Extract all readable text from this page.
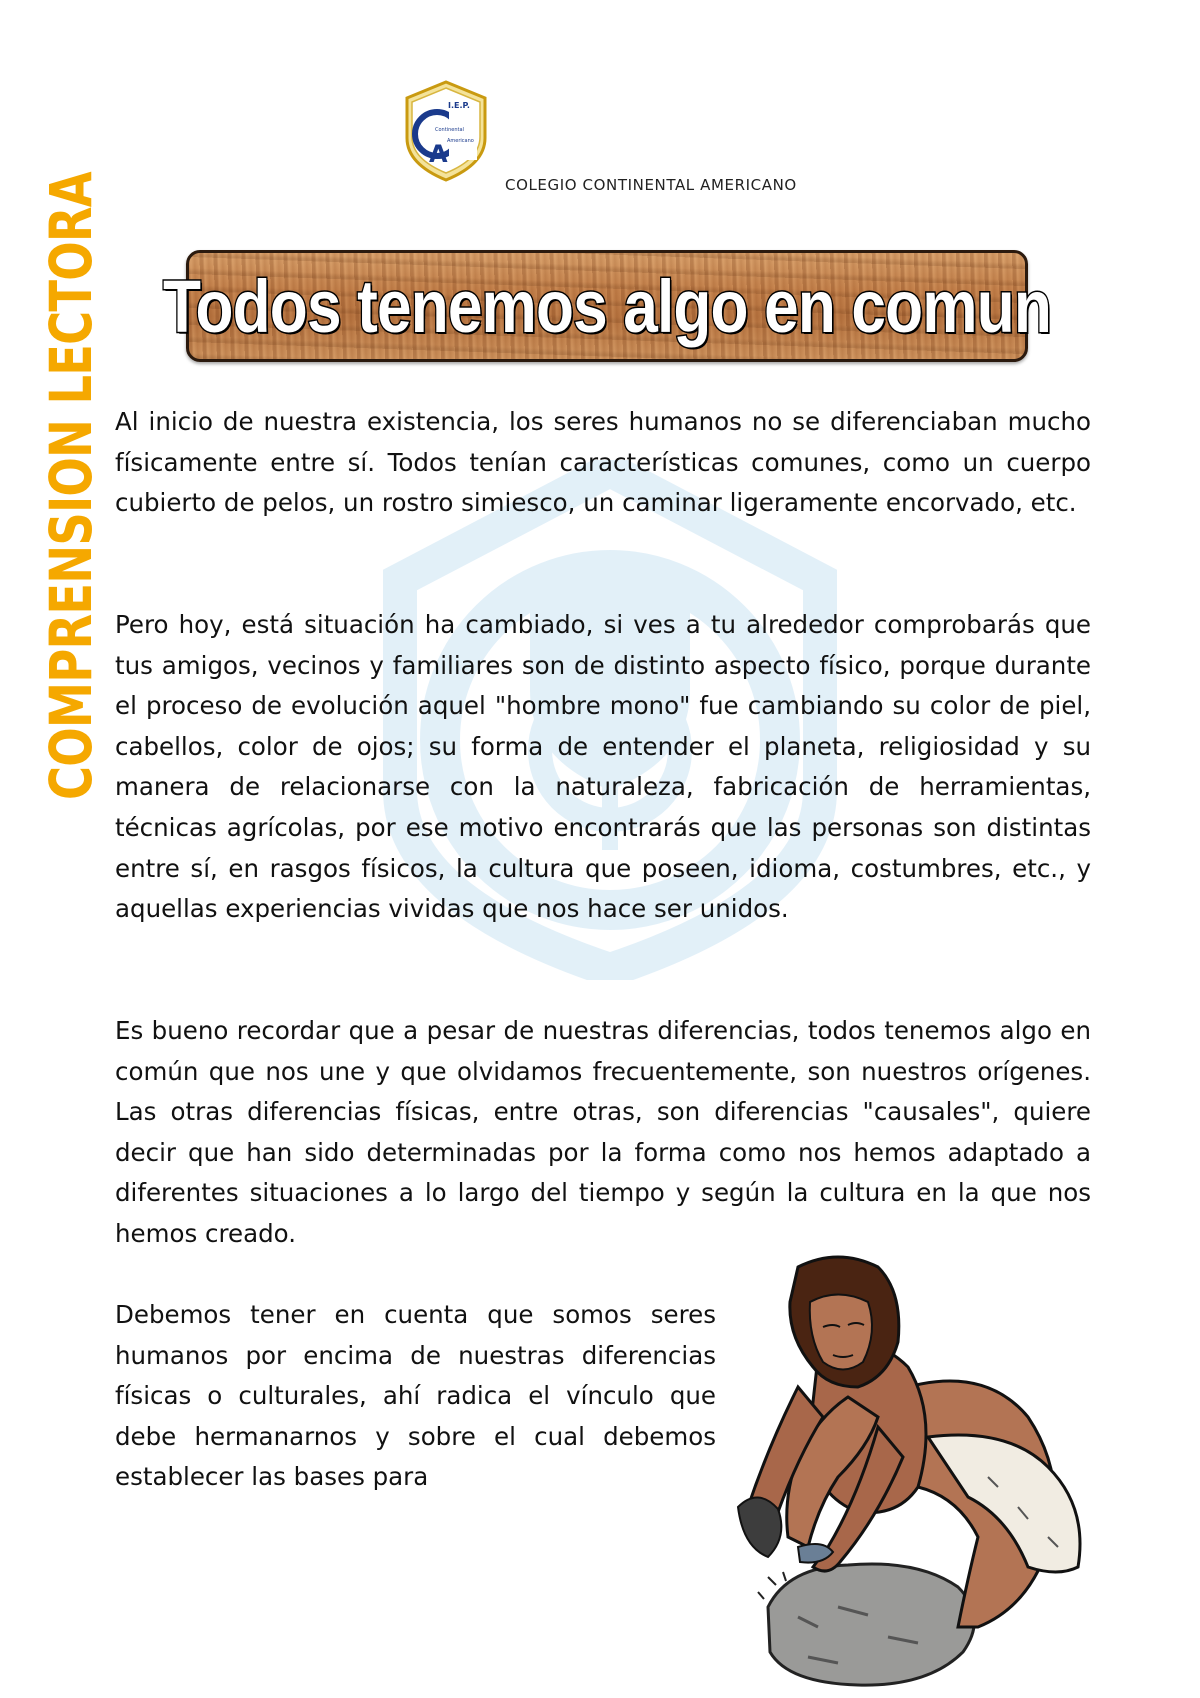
I.E.P.
Continental
Americano
A
COLEGIO CONTINENTAL AMERICANO
COMPRENSION LECTORA Todos tenemos algo en comun

Al inicio de nuestra existencia, los seres humanos no se diferenciaban mucho físicamente entre sí. Todos tenían características comunes, como un cuerpo cubierto de pelos, un rostro simiesco, un caminar ligeramente encorvado, etc.

Pero hoy, está situación ha cambiado, si ves a tu alrededor comprobarás que tus amigos, vecinos y familiares son de distinto aspecto físico, porque durante el proceso de evolución aquel "hombre mono" fue cambiando su color de piel, cabellos, color de ojos; su forma de entender el planeta, religiosidad y su manera de relacionarse con la naturaleza, fabricación de herramientas, técnicas agrícolas, por ese motivo encontrarás que las personas son distintas entre sí, en rasgos físicos, la cultura que poseen, idioma, costumbres, etc., y aquellas experiencias vividas que nos hace ser unidos.

Es bueno recordar que a pesar de nuestras diferencias, todos tenemos algo en común que nos une y que olvidamos frecuentemente, son nuestros orígenes. Las otras diferencias físicas, entre otras, son diferencias "causales", quiere decir que han sido determinadas por la forma como nos hemos adaptado a diferentes situaciones a lo largo del tiempo y según la cultura en la que nos hemos creado.

Debemos tener en cuenta que somos seres humanos por encima de nuestras diferencias físicas o culturales, ahí radica el vínculo que debe hermanarnos y sobre el cual debemos establecer las bases para
